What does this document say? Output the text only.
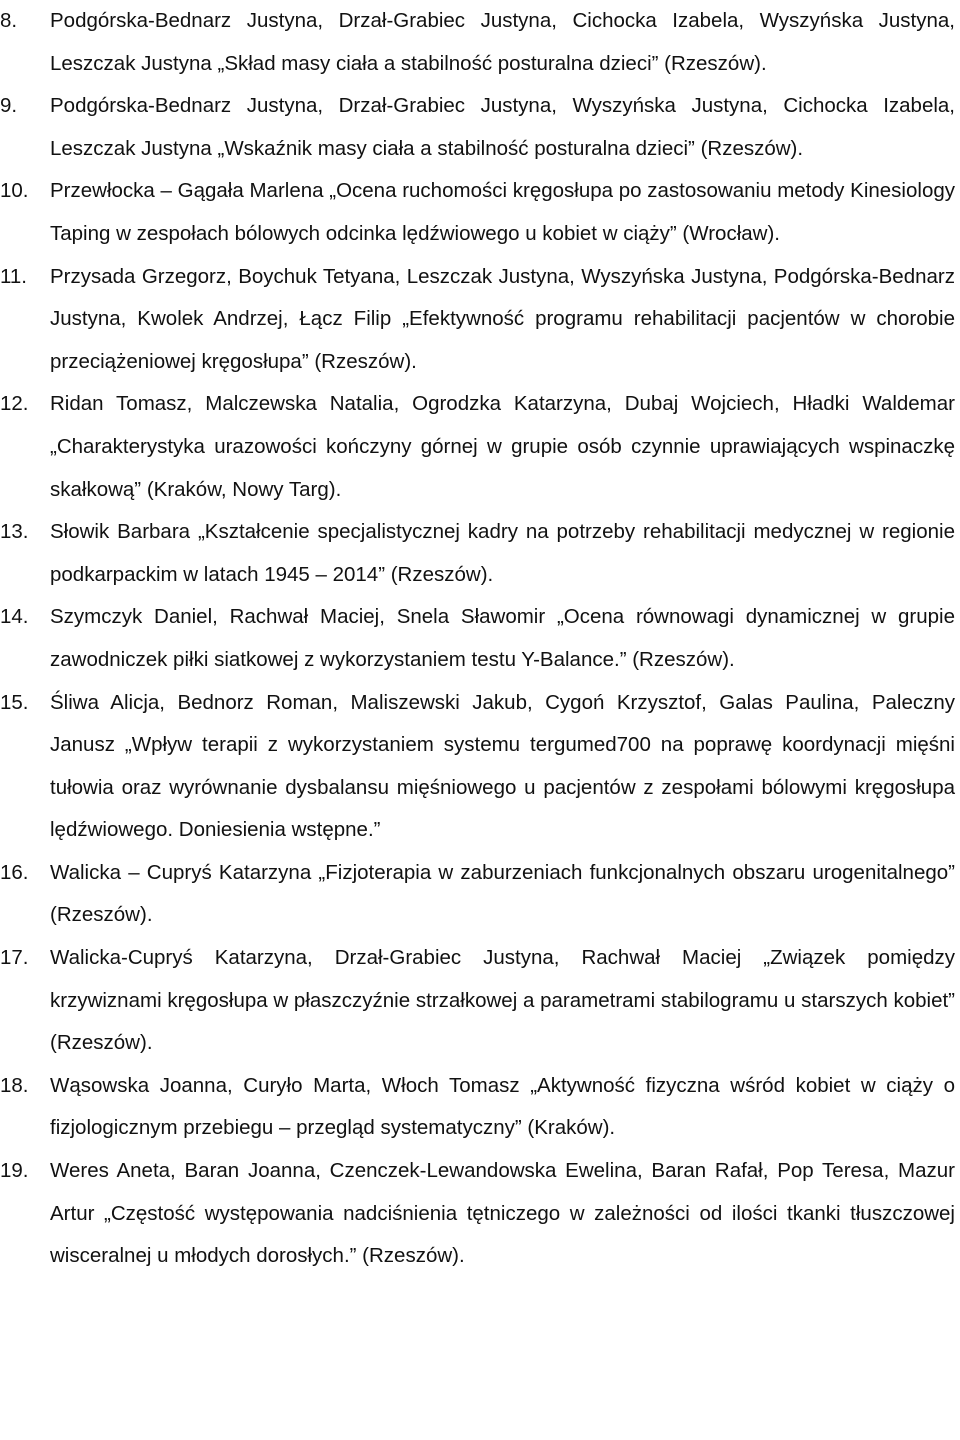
8.	Podgórska-Bednarz Justyna, Drzał-Grabiec Justyna, Cichocka Izabela, Wyszyńska Justyna, Leszczak Justyna „Skład masy ciała a stabilność posturalna dzieci” (Rzeszów).
9.	Podgórska-Bednarz Justyna, Drzał-Grabiec Justyna, Wyszyńska Justyna, Cichocka Izabela, Leszczak Justyna „Wskaźnik masy ciała a stabilność posturalna dzieci” (Rzeszów).
10.	Przewłocka – Gągała Marlena „Ocena ruchomości kręgosłupa po zastosowaniu metody Kinesiology Taping w zespołach bólowych odcinka lędźwiowego u kobiet w ciąży” (Wrocław).
11.	Przysada Grzegorz, Boychuk Tetyana, Leszczak Justyna, Wyszyńska Justyna, Podgórska-Bednarz Justyna, Kwolek Andrzej, Łącz Filip „Efektywność programu rehabilitacji pacjentów w chorobie przeciążeniowej kręgosłupa” (Rzeszów).
12.	Ridan Tomasz, Malczewska Natalia, Ogrodzka Katarzyna, Dubaj Wojciech, Hładki Waldemar „Charakterystyka urazowości kończyny górnej w grupie osób czynnie uprawiających wspinaczkę skałkową” (Kraków, Nowy Targ).
13.	Słowik Barbara „Kształcenie specjalistycznej kadry na potrzeby rehabilitacji medycznej w regionie podkarpackim w latach 1945 – 2014” (Rzeszów).
14.	Szymczyk Daniel, Rachwał Maciej, Snela Sławomir „Ocena równowagi dynamicznej w grupie zawodniczek piłki siatkowej z wykorzystaniem testu Y-Balance.” (Rzeszów).
15.	Śliwa Alicja, Bednorz Roman, Maliszewski Jakub, Cygoń Krzysztof, Galas Paulina, Paleczny Janusz „Wpływ terapii z wykorzystaniem systemu tergumed700 na poprawę koordynacji mięśni tułowia oraz wyrównanie dysbalansu mięśniowego u pacjentów z zespołami bólowymi kręgosłupa lędźwiowego. Doniesienia wstępne.”
16.	Walicka – Cupryś Katarzyna „Fizjoterapia w zaburzeniach funkcjonalnych obszaru urogenitalnego” (Rzeszów).
17.	Walicka-Cupryś Katarzyna, Drzał-Grabiec Justyna, Rachwał Maciej „Związek pomiędzy krzywiznami kręgosłupa w płaszczyźnie strzałkowej a parametrami stabilogramu u starszych kobiet” (Rzeszów).
18.	Wąsowska Joanna, Curyło Marta, Włoch Tomasz „Aktywność fizyczna wśród kobiet w ciąży o fizjologicznym przebiegu – przegląd systematyczny” (Kraków).
19.	Weres Aneta, Baran Joanna, Czenczek-Lewandowska Ewelina, Baran Rafał, Pop Teresa, Mazur Artur „Częstość występowania nadciśnienia tętniczego w zależności od ilości tkanki tłuszczowej wisceralnej u młodych dorosłych.” (Rzeszów).
